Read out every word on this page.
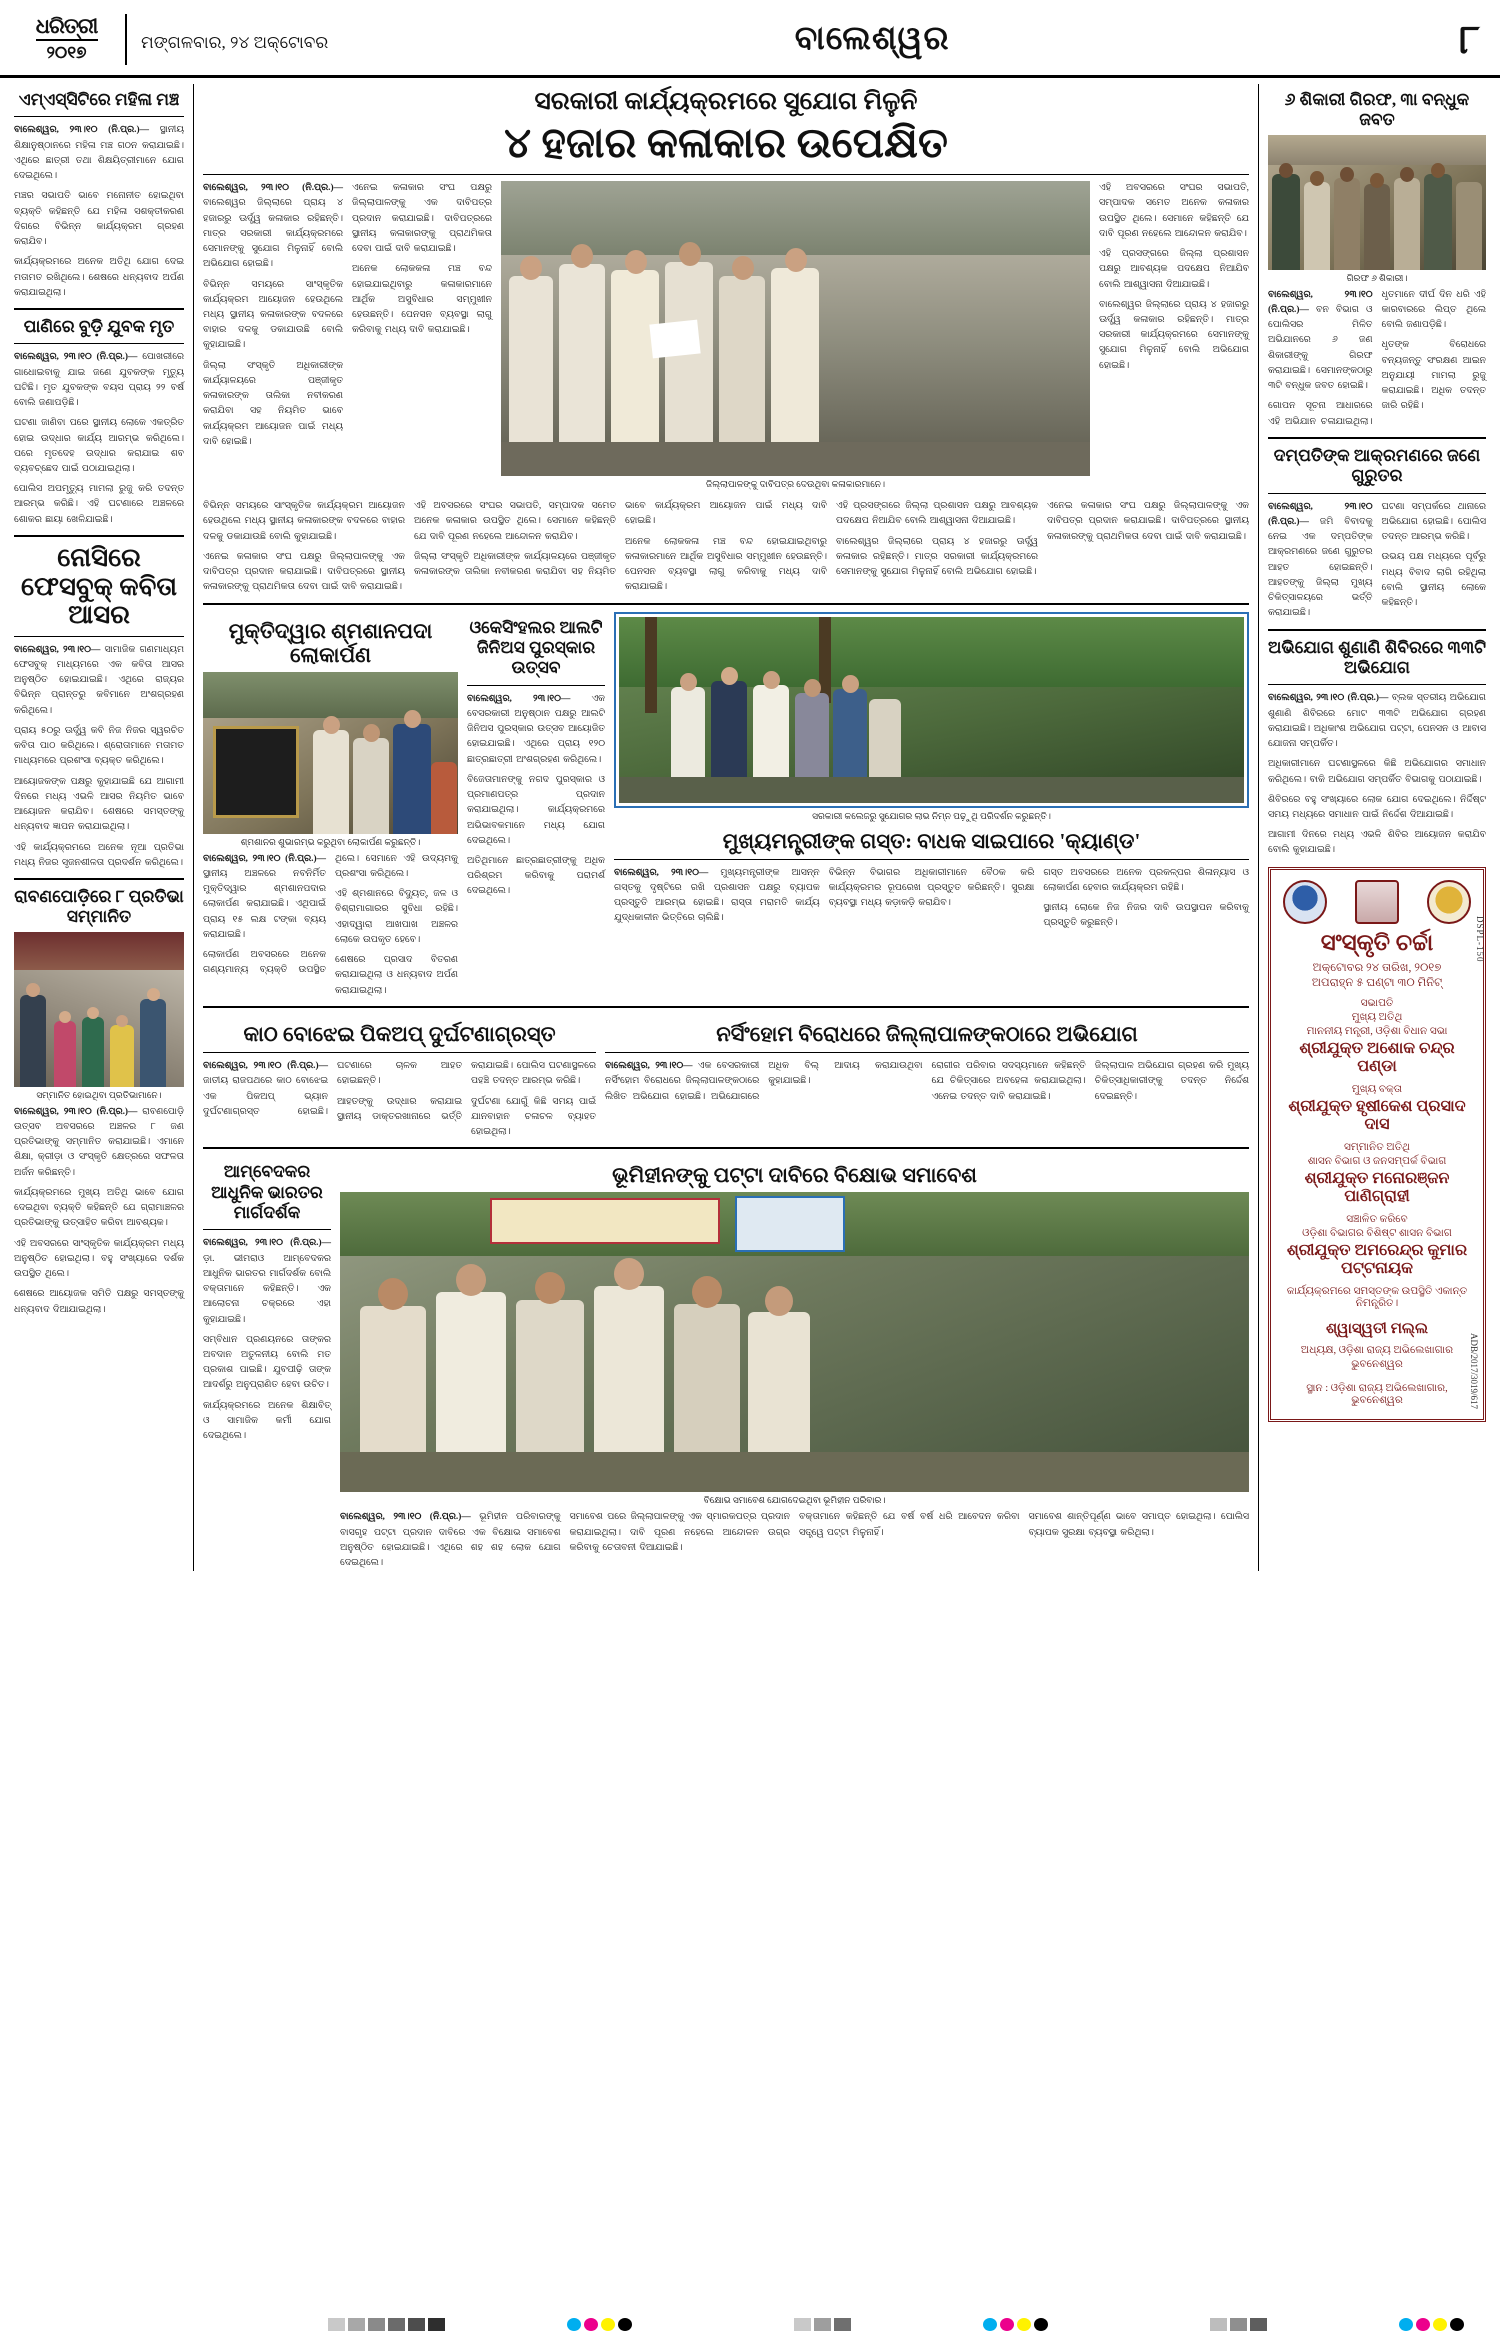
ଧରିତ୍ରୀ
୨୦୧୭
ମଙ୍ଗଳବାର, ୨୪ ଅକ୍ଟୋବର	ବାଲେଶ୍ୱର	୮
ଏମ୍ଏସ୍ସିଟିରେ ମହିଳା ମଞ୍ଚ

ବାଲେଶ୍ୱର, ୨୩।୧୦ (ନି.ପ୍ର.)— ସ୍ଥାନୀୟ ଶିକ୍ଷାନୁଷ୍ଠାନରେ ମହିଳା ମଞ୍ଚ ଗଠନ କରାଯାଇଛି। ଏଥିରେ ଛାତ୍ରୀ ତଥା ଶିକ୍ଷୟିତ୍ରୀମାନେ ଯୋଗ ଦେଇଥିଲେ।

ମଞ୍ଚର ସଭାପତି ଭାବେ ମନୋନୀତ ହୋଇଥିବା ବ୍ୟକ୍ତି କହିଛନ୍ତି ଯେ ମହିଳା ସଶକ୍ତୀକରଣ ଦିଗରେ ବିଭିନ୍ନ କାର୍ଯ୍ୟକ୍ରମ ଗ୍ରହଣ କରାଯିବ।

କାର୍ଯ୍ୟକ୍ରମରେ ଅନେକ ଅତିଥି ଯୋଗ ଦେଇ ମତାମତ ରଖିଥିଲେ। ଶେଷରେ ଧନ୍ୟବାଦ ଅର୍ପଣ କରାଯାଇଥିଲା।

ପାଣିରେ ବୁଡ଼ି ଯୁବକ ମୃତ

ବାଲେଶ୍ୱର, ୨୩।୧୦ (ନି.ପ୍ର.)— ପୋଖରୀରେ ଗାଧୋଇବାକୁ ଯାଇ ଜଣେ ଯୁବକଙ୍କ ମୃତ୍ୟୁ ଘଟିଛି। ମୃତ ଯୁବକଙ୍କ ବୟସ ପ୍ରାୟ ୨୨ ବର୍ଷ ବୋଲି ଜଣାପଡ଼ିଛି।

ଘଟଣା ଜାଣିବା ପରେ ସ୍ଥାନୀୟ ଲୋକେ ଏକତ୍ରିତ ହୋଇ ଉଦ୍ଧାର କାର୍ଯ୍ୟ ଆରମ୍ଭ କରିଥିଲେ। ପରେ ମୃତଦେହ ଉଦ୍ଧାର କରାଯାଇ ଶବ ବ୍ୟବଚ୍ଛେଦ ପାଇଁ ପଠାଯାଇଥିଲା।

ପୋଲିସ ଅପମୃତ୍ୟୁ ମାମଲା ରୁଜୁ କରି ତଦନ୍ତ ଆରମ୍ଭ କରିଛି। ଏହି ଘଟଣାରେ ଅଞ୍ଚଳରେ ଶୋକର ଛାୟା ଖେଳିଯାଇଛି।

ନୋସିରେ ଫେସବୁକ୍ କବିତା ଆସର

ବାଲେଶ୍ୱର, ୨୩।୧୦— ସାମାଜିକ ଗଣମାଧ୍ୟମ ଫେସବୁକ୍ ମାଧ୍ୟମରେ ଏକ କବିତା ଆସର ଅନୁଷ୍ଠିତ ହୋଇଯାଇଛି। ଏଥିରେ ରାଜ୍ୟର ବିଭିନ୍ନ ପ୍ରାନ୍ତରୁ କବିମାନେ ଅଂଶଗ୍ରହଣ କରିଥିଲେ।

ପ୍ରାୟ ୫୦ରୁ ଊର୍ଦ୍ଧ୍ୱ କବି ନିଜ ନିଜର ସ୍ୱରଚିତ କବିତା ପାଠ କରିଥିଲେ। ଶ୍ରୋତାମାନେ ମତାମତ ମାଧ୍ୟମରେ ପ୍ରଶଂସା ବ୍ୟକ୍ତ କରିଥିଲେ।

ଆୟୋଜକଙ୍କ ପକ୍ଷରୁ କୁହାଯାଇଛି ଯେ ଆଗାମୀ ଦିନରେ ମଧ୍ୟ ଏଭଳି ଆସର ନିୟମିତ ଭାବେ ଆୟୋଜନ କରାଯିବ। ଶେଷରେ ସମସ୍ତଙ୍କୁ ଧନ୍ୟବାଦ ଜ୍ଞାପନ କରାଯାଇଥିଲା।

ଏହି କାର୍ଯ୍ୟକ୍ରମରେ ଅନେକ ନୂଆ ପ୍ରତିଭା ମଧ୍ୟ ନିଜର ସୃଜନଶୀଳତା ପ୍ରଦର୍ଶନ କରିଥିଲେ।

ରାବଣପୋଡ଼ିରେ ୮ ପ୍ରତିଭା ସମ୍ମାନିତ
ସମ୍ମାନିତ ହୋଇଥିବା ପ୍ରତିଭାମାନେ।

ବାଲେଶ୍ୱର, ୨୩।୧୦ (ନି.ପ୍ର.)— ରାବଣପୋଡ଼ି ଉତ୍ସବ ଅବସରରେ ଅଞ୍ଚଳର ୮ ଜଣ ପ୍ରତିଭାଙ୍କୁ ସମ୍ମାନିତ କରାଯାଇଛି। ଏମାନେ ଶିକ୍ଷା, କ୍ରୀଡ଼ା ଓ ସଂସ୍କୃତି କ୍ଷେତ୍ରରେ ସଫଳତା ଅର୍ଜନ କରିଛନ୍ତି।

କାର୍ଯ୍ୟକ୍ରମରେ ମୁଖ୍ୟ ଅତିଥି ଭାବେ ଯୋଗ ଦେଇଥିବା ବ୍ୟକ୍ତି କହିଛନ୍ତି ଯେ ଗ୍ରାମାଞ୍ଚଳର ପ୍ରତିଭାଙ୍କୁ ଉତ୍ସାହିତ କରିବା ଆବଶ୍ୟକ।

ଏହି ଅବସରରେ ସାଂସ୍କୃତିକ କାର୍ଯ୍ୟକ୍ରମ ମଧ୍ୟ ଅନୁଷ୍ଠିତ ହୋଇଥିଲା। ବହୁ ସଂଖ୍ୟାରେ ଦର୍ଶକ ଉପସ୍ଥିତ ଥିଲେ।

ଶେଷରେ ଆୟୋଜକ ସମିତି ପକ୍ଷରୁ ସମସ୍ତଙ୍କୁ ଧନ୍ୟବାଦ ଦିଆଯାଇଥିଲା।

ସରକାରୀ କାର୍ଯ୍ୟକ୍ରମରେ ସୁଯୋଗ ମିଳୁନି
୪ ହଜାର କଳାକାର ଉପେକ୍ଷିତ

ବାଲେଶ୍ୱର, ୨୩।୧୦ (ନି.ପ୍ର.)— ବାଲେଶ୍ୱର ଜିଲ୍ଲାରେ ପ୍ରାୟ ୪ ହଜାରରୁ ଊର୍ଦ୍ଧ୍ୱ କଳାକାର ରହିଛନ୍ତି। ମାତ୍ର ସରକାରୀ କାର୍ଯ୍ୟକ୍ରମରେ ସେମାନଙ୍କୁ ସୁଯୋଗ ମିଳୁନାହିଁ ବୋଲି ଅଭିଯୋଗ ହୋଇଛି।

ବିଭିନ୍ନ ସମୟରେ ସାଂସ୍କୃତିକ କାର୍ଯ୍ୟକ୍ରମ ଆୟୋଜନ ହେଉଥିଲେ ମଧ୍ୟ ସ୍ଥାନୀୟ କଳାକାରଙ୍କ ବଦଳରେ ବାହାର ଦଳକୁ ଡକାଯାଉଛି ବୋଲି କୁହାଯାଇଛି।

ଜିଲ୍ଲା ସଂସ୍କୃତି ଅଧିକାରୀଙ୍କ କାର୍ଯ୍ୟାଳୟରେ ପଞ୍ଜୀକୃତ କଳାକାରଙ୍କ ତାଲିକା ନବୀକରଣ କରାଯିବା ସହ ନିୟମିତ ଭାବେ କାର୍ଯ୍ୟକ୍ରମ ଆୟୋଜନ ପାଇଁ ମଧ୍ୟ ଦାବି ହୋଇଛି।

ଏନେଇ କଳାକାର ସଂଘ ପକ୍ଷରୁ ଜିଲ୍ଲାପାଳଙ୍କୁ ଏକ ଦାବିପତ୍ର ପ୍ରଦାନ କରାଯାଇଛି। ଦାବିପତ୍ରରେ ସ୍ଥାନୀୟ କଳାକାରଙ୍କୁ ପ୍ରାଥମିକତା ଦେବା ପାଇଁ ଦାବି କରାଯାଇଛି।

ଅନେକ ଲୋକକଳା ମଞ୍ଚ ବନ୍ଦ ହୋଇଯାଇଥିବାରୁ କଳାକାରମାନେ ଆର୍ଥିକ ଅସୁବିଧାର ସମ୍ମୁଖୀନ ହେଉଛନ୍ତି। ପେନସନ ବ୍ୟବସ୍ଥା ଲାଗୁ କରିବାକୁ ମଧ୍ୟ ଦାବି କରାଯାଇଛି।

ଜିଲ୍ଲାପାଳଙ୍କୁ ଦାବିପତ୍ର ଦେଉଥିବା କଳାକାରମାନେ।

ଏହି ଅବସରରେ ସଂଘର ସଭାପତି, ସମ୍ପାଦକ ସମେତ ଅନେକ କଳାକାର ଉପସ୍ଥିତ ଥିଲେ। ସେମାନେ କହିଛନ୍ତି ଯେ ଦାବି ପୂରଣ ନହେଲେ ଆନ୍ଦୋଳନ କରାଯିବ।

ଏହି ପ୍ରସଙ୍ଗରେ ଜିଲ୍ଲା ପ୍ରଶାସନ ପକ୍ଷରୁ ଆବଶ୍ୟକ ପଦକ୍ଷେପ ନିଆଯିବ ବୋଲି ଆଶ୍ୱାସନା ଦିଆଯାଇଛି।

ବାଲେଶ୍ୱର ଜିଲ୍ଲାରେ ପ୍ରାୟ ୪ ହଜାରରୁ ଊର୍ଦ୍ଧ୍ୱ କଳାକାର ରହିଛନ୍ତି। ମାତ୍ର ସରକାରୀ କାର୍ଯ୍ୟକ୍ରମରେ ସେମାନଙ୍କୁ ସୁଯୋଗ ମିଳୁନାହିଁ ବୋଲି ଅଭିଯୋଗ ହୋଇଛି।

ବିଭିନ୍ନ ସମୟରେ ସାଂସ୍କୃତିକ କାର୍ଯ୍ୟକ୍ରମ ଆୟୋଜନ ହେଉଥିଲେ ମଧ୍ୟ ସ୍ଥାନୀୟ କଳାକାରଙ୍କ ବଦଳରେ ବାହାର ଦଳକୁ ଡକାଯାଉଛି ବୋଲି କୁହାଯାଇଛି।

ଏନେଇ କଳାକାର ସଂଘ ପକ୍ଷରୁ ଜିଲ୍ଲାପାଳଙ୍କୁ ଏକ ଦାବିପତ୍ର ପ୍ରଦାନ କରାଯାଇଛି। ଦାବିପତ୍ରରେ ସ୍ଥାନୀୟ କଳାକାରଙ୍କୁ ପ୍ରାଥମିକତା ଦେବା ପାଇଁ ଦାବି କରାଯାଇଛି।

ଏହି ଅବସରରେ ସଂଘର ସଭାପତି, ସମ୍ପାଦକ ସମେତ ଅନେକ କଳାକାର ଉପସ୍ଥିତ ଥିଲେ। ସେମାନେ କହିଛନ୍ତି ଯେ ଦାବି ପୂରଣ ନହେଲେ ଆନ୍ଦୋଳନ କରାଯିବ।

ଜିଲ୍ଲା ସଂସ୍କୃତି ଅଧିକାରୀଙ୍କ କାର୍ଯ୍ୟାଳୟରେ ପଞ୍ଜୀକୃତ କଳାକାରଙ୍କ ତାଲିକା ନବୀକରଣ କରାଯିବା ସହ ନିୟମିତ ଭାବେ କାର୍ଯ୍ୟକ୍ରମ ଆୟୋଜନ ପାଇଁ ମଧ୍ୟ ଦାବି ହୋଇଛି।

ଅନେକ ଲୋକକଳା ମଞ୍ଚ ବନ୍ଦ ହୋଇଯାଇଥିବାରୁ କଳାକାରମାନେ ଆର୍ଥିକ ଅସୁବିଧାର ସମ୍ମୁଖୀନ ହେଉଛନ୍ତି। ପେନସନ ବ୍ୟବସ୍ଥା ଲାଗୁ କରିବାକୁ ମଧ୍ୟ ଦାବି କରାଯାଇଛି।

ଏହି ପ୍ରସଙ୍ଗରେ ଜିଲ୍ଲା ପ୍ରଶାସନ ପକ୍ଷରୁ ଆବଶ୍ୟକ ପଦକ୍ଷେପ ନିଆଯିବ ବୋଲି ଆଶ୍ୱାସନା ଦିଆଯାଇଛି।

ବାଲେଶ୍ୱର ଜିଲ୍ଲାରେ ପ୍ରାୟ ୪ ହଜାରରୁ ଊର୍ଦ୍ଧ୍ୱ କଳାକାର ରହିଛନ୍ତି। ମାତ୍ର ସରକାରୀ କାର୍ଯ୍ୟକ୍ରମରେ ସେମାନଙ୍କୁ ସୁଯୋଗ ମିଳୁନାହିଁ ବୋଲି ଅଭିଯୋଗ ହୋଇଛି।

ଏନେଇ କଳାକାର ସଂଘ ପକ୍ଷରୁ ଜିଲ୍ଲାପାଳଙ୍କୁ ଏକ ଦାବିପତ୍ର ପ୍ରଦାନ କରାଯାଇଛି। ଦାବିପତ୍ରରେ ସ୍ଥାନୀୟ କଳାକାରଙ୍କୁ ପ୍ରାଥମିକତା ଦେବା ପାଇଁ ଦାବି କରାଯାଇଛି।

ମୁକ୍ତିଦ୍ୱାର ଶ୍ମଶାନପଦା ଲୋକାର୍ପଣ
ଶ୍ମଶାନର ଶୁଭାରମ୍ଭ କରୁଥିବା ଲୋକାର୍ପଣ କରୁଛନ୍ତି।

ବାଲେଶ୍ୱର, ୨୩।୧୦ (ନି.ପ୍ର.)— ସ୍ଥାନୀୟ ଅଞ୍ଚଳରେ ନବନିର୍ମିତ ମୁକ୍ତିଦ୍ୱାର ଶ୍ମଶାନପଦାର ଲୋକାର୍ପଣ କରାଯାଇଛି। ଏଥିପାଇଁ ପ୍ରାୟ ୧୫ ଲକ୍ଷ ଟଙ୍କା ବ୍ୟୟ କରାଯାଇଛି।

ଲୋକାର୍ପଣ ଅବସରରେ ଅନେକ ଗଣ୍ୟମାନ୍ୟ ବ୍ୟକ୍ତି ଉପସ୍ଥିତ ଥିଲେ। ସେମାନେ ଏହି ଉଦ୍ୟମକୁ ପ୍ରଶଂସା କରିଥିଲେ।

ଏହି ଶ୍ମଶାନରେ ବିଦ୍ୟୁତ୍, ଜଳ ଓ ବିଶ୍ରାମାଗାରର ସୁବିଧା ରହିଛି। ଏହାଦ୍ୱାରା ଆଖପାଖ ଅଞ୍ଚଳର ଲୋକେ ଉପକୃତ ହେବେ।

ଶେଷରେ ପ୍ରସାଦ ବିତରଣ କରାଯାଇଥିଲା ଓ ଧନ୍ୟବାଦ ଅର୍ପଣ କରାଯାଇଥିଲା।

ଓକେସିଂହଲର ଆଲଟି ଜିନିଅସ ପୁରସ୍କାର ଉତ୍ସବ

ବାଲେଶ୍ୱର, ୨୩।୧୦— ଏକ ବେସରକାରୀ ଅନୁଷ୍ଠାନ ପକ୍ଷରୁ ଆଲଟି ଜିନିଅସ ପୁରସ୍କାର ଉତ୍ସବ ଆୟୋଜିତ ହୋଇଯାଇଛି। ଏଥିରେ ପ୍ରାୟ ୧୨୦ ଛାତ୍ରଛାତ୍ରୀ ଅଂଶଗ୍ରହଣ କରିଥିଲେ।

ବିଜେତାମାନଙ୍କୁ ନଗଦ ପୁରସ୍କାର ଓ ପ୍ରମାଣପତ୍ର ପ୍ରଦାନ କରାଯାଇଥିଲା। କାର୍ଯ୍ୟକ୍ରମରେ ଅଭିଭାବକମାନେ ମଧ୍ୟ ଯୋଗ ଦେଇଥିଲେ।

ଅତିଥିମାନେ ଛାତ୍ରଛାତ୍ରୀଙ୍କୁ ଅଧିକ ପରିଶ୍ରମ କରିବାକୁ ପରାମର୍ଶ ଦେଇଥିଲେ।

ସରକାରୀ କଲେଜରୁ ସୁଯୋଗର ଲାଭ ନିମ୍ନ ପଢ଼ୁଥି ପରିଦର୍ଶନ କରୁଛନ୍ତି।
ମୁଖ୍ୟମନ୍ତ୍ରୀଙ୍କ ଗସ୍ତ: ବାଧକ ସାଇପାରେ 'କ୍ୟାଣ୍ଡ'

ବାଲେଶ୍ୱର, ୨୩।୧୦— ମୁଖ୍ୟମନ୍ତ୍ରୀଙ୍କ ଆସନ୍ନ ଗସ୍ତକୁ ଦୃଷ୍ଟିରେ ରଖି ପ୍ରଶାସନ ପକ୍ଷରୁ ବ୍ୟାପକ ପ୍ରସ୍ତୁତି ଆରମ୍ଭ ହୋଇଛି। ରାସ୍ତା ମରାମତି କାର୍ଯ୍ୟ ଯୁଦ୍ଧକାଳୀନ ଭିତ୍ତିରେ ଚାଲିଛି।

ବିଭିନ୍ନ ବିଭାଗର ଅଧିକାରୀମାନେ ବୈଠକ କରି କାର୍ଯ୍ୟକ୍ରମର ରୂପରେଖ ପ୍ରସ୍ତୁତ କରିଛନ୍ତି। ସୁରକ୍ଷା ବ୍ୟବସ୍ଥା ମଧ୍ୟ କଡ଼ାକଡ଼ି କରାଯିବ।

ଗସ୍ତ ଅବସରରେ ଅନେକ ପ୍ରକଳ୍ପର ଶିଳାନ୍ୟାସ ଓ ଲୋକାର୍ପଣ ହେବାର କାର୍ଯ୍ୟକ୍ରମ ରହିଛି।

ସ୍ଥାନୀୟ ଲୋକେ ନିଜ ନିଜର ଦାବି ଉପସ୍ଥାପନ କରିବାକୁ ପ୍ରସ୍ତୁତି କରୁଛନ୍ତି।

କାଠ ବୋଝେଇ ପିକଅପ୍ ଦୁର୍ଘଟଣାଗ୍ରସ୍ତ

ବାଲେଶ୍ୱର, ୨୩।୧୦ (ନି.ପ୍ର.)— ଜାତୀୟ ରାଜପଥରେ କାଠ ବୋଝେଇ ଏକ ପିକଅପ୍ ଭ୍ୟାନ ଦୁର୍ଘଟଣାଗ୍ରସ୍ତ ହୋଇଛି। ଘଟଣାରେ ଚାଳକ ଆହତ ହୋଇଛନ୍ତି।

ଆହତଙ୍କୁ ଉଦ୍ଧାର କରାଯାଇ ସ୍ଥାନୀୟ ଡାକ୍ତରଖାନାରେ ଭର୍ତ୍ତି କରାଯାଇଛି। ପୋଲିସ ଘଟଣାସ୍ଥଳରେ ପହଞ୍ଚି ତଦନ୍ତ ଆରମ୍ଭ କରିଛି।

ଦୁର୍ଘଟଣା ଯୋଗୁଁ କିଛି ସମୟ ପାଇଁ ଯାନବାହାନ ଚଳାଚଳ ବ୍ୟାହତ ହୋଇଥିଲା।

ନର୍ସିଂହୋମ ବିରୋଧରେ ଜିଲ୍ଲାପାଳଙ୍କଠାରେ ଅଭିଯୋଗ

ବାଲେଶ୍ୱର, ୨୩।୧୦— ଏକ ବେସରକାରୀ ନର୍ସିଂହୋମ ବିରୋଧରେ ଜିଲ୍ଲାପାଳଙ୍କଠାରେ ଲିଖିତ ଅଭିଯୋଗ ହୋଇଛି। ଅଭିଯୋଗରେ ଅଧିକ ବିଲ୍ ଆଦାୟ କରାଯାଉଥିବା କୁହାଯାଇଛି।

ରୋଗୀର ପରିବାର ସଦସ୍ୟମାନେ କହିଛନ୍ତି ଯେ ଚିକିତ୍ସାରେ ଅବହେଳା କରାଯାଇଥିଲା। ଏନେଇ ତଦନ୍ତ ଦାବି କରାଯାଇଛି।

ଜିଲ୍ଲାପାଳ ଅଭିଯୋଗ ଗ୍ରହଣ କରି ମୁଖ୍ୟ ଚିକିତ୍ସାଧିକାରୀଙ୍କୁ ତଦନ୍ତ ନିର୍ଦ୍ଦେଶ ଦେଇଛନ୍ତି।

ଆମ୍ବେଦକର ଆଧୁନିକ ଭାରତର ମାର୍ଗଦର୍ଶକ

ବାଲେଶ୍ୱର, ୨୩।୧୦ (ନି.ପ୍ର.)— ଡ଼ା. ଭୀମରାଓ ଆମ୍ବେଦକର ଆଧୁନିକ ଭାରତର ମାର୍ଗଦର୍ଶକ ବୋଲି ବକ୍ତାମାନେ କହିଛନ୍ତି। ଏକ ଆଲୋଚନା ଚକ୍ରରେ ଏହା କୁହାଯାଇଛି।

ସମ୍ବିଧାନ ପ୍ରଣୟନରେ ତାଙ୍କର ଅବଦାନ ଅତୁଳନୀୟ ବୋଲି ମତ ପ୍ରକାଶ ପାଇଛି। ଯୁବପୀଢ଼ି ତାଙ୍କ ଆଦର୍ଶରୁ ଅନୁପ୍ରାଣିତ ହେବା ଉଚିତ।

କାର୍ଯ୍ୟକ୍ରମରେ ଅନେକ ଶିକ୍ଷାବିତ୍ ଓ ସାମାଜିକ କର୍ମୀ ଯୋଗ ଦେଇଥିଲେ।

ଭୂମିହୀନଙ୍କୁ ପଟ୍ଟା ଦାବିରେ ବିକ୍ଷୋଭ ସମାବେଶ
ବିକ୍ଷୋଭ ସମାବେଶ ଯୋଗଦେଇଥିବା ଭୂମିହୀନ ପରିବାର।

ବାଲେଶ୍ୱର, ୨୩।୧୦ (ନି.ପ୍ର.)— ଭୂମିହୀନ ପରିବାରଙ୍କୁ ବାସଗୃହ ପଟ୍ଟା ପ୍ରଦାନ ଦାବିରେ ଏକ ବିକ୍ଷୋଭ ସମାବେଶ ଅନୁଷ୍ଠିତ ହୋଇଯାଇଛି। ଏଥିରେ ଶହ ଶହ ଲୋକ ଯୋଗ ଦେଇଥିଲେ।

ସମାବେଶ ପରେ ଜିଲ୍ଲାପାଳଙ୍କୁ ଏକ ସ୍ମାରକପତ୍ର ପ୍ରଦାନ କରାଯାଇଥିଲା। ଦାବି ପୂରଣ ନହେଲେ ଆନ୍ଦୋଳନ ଉଗ୍ର କରିବାକୁ ଚେତାବନୀ ଦିଆଯାଇଛି।

ବକ୍ତାମାନେ କହିଛନ୍ତି ଯେ ବର୍ଷ ବର୍ଷ ଧରି ଆବେଦନ କରିବା ସତ୍ତ୍ୱେ ପଟ୍ଟା ମିଳୁନାହିଁ।

ସମାବେଶ ଶାନ୍ତିପୂର୍ଣ୍ଣ ଭାବେ ସମାପ୍ତ ହୋଇଥିଲା। ପୋଲିସ ବ୍ୟାପକ ସୁରକ୍ଷା ବ୍ୟବସ୍ଥା କରିଥିଲା।

୬ ଶିକାରୀ ଗିରଫ, ୩ା ବନ୍ଧୁକ ଜବତ
ଗିରଫ ୬ ଶିକାରୀ।

ବାଲେଶ୍ୱର, ୨୩।୧୦ (ନି.ପ୍ର.)— ବନ ବିଭାଗ ଓ ପୋଲିସର ମିଳିତ ଅଭିଯାନରେ ୬ ଜଣ ଶିକାରୀଙ୍କୁ ଗିରଫ କରାଯାଇଛି। ସେମାନଙ୍କଠାରୁ ୩ଟି ବନ୍ଧୁକ ଜବତ ହୋଇଛି।

ଗୋପନ ସୂଚନା ଆଧାରରେ ଏହି ଅଭିଯାନ ଚଳାଯାଇଥିଲା। ଧୃତମାନେ ଦୀର୍ଘ ଦିନ ଧରି ଏହି କାରବାରରେ ଲିପ୍ତ ଥିଲେ ବୋଲି ଜଣାପଡ଼ିଛି।

ଧୃତଙ୍କ ବିରୋଧରେ ବନ୍ୟଜନ୍ତୁ ସଂରକ୍ଷଣ ଆଇନ ଅନୁଯାୟୀ ମାମଲା ରୁଜୁ କରାଯାଇଛି। ଅଧିକ ତଦନ୍ତ ଜାରି ରହିଛି।

ଦମ୍ପତିଙ୍କ ଆକ୍ରମଣରେ ଜଣେ ଗୁରୁତର

ବାଲେଶ୍ୱର, ୨୩।୧୦ (ନି.ପ୍ର.)— ଜମି ବିବାଦକୁ ନେଇ ଏକ ଦମ୍ପତିଙ୍କ ଆକ୍ରମଣରେ ଜଣେ ଗୁରୁତର ଆହତ ହୋଇଛନ୍ତି। ଆହତଙ୍କୁ ଜିଲ୍ଲା ମୁଖ୍ୟ ଚିକିତ୍ସାଳୟରେ ଭର୍ତ୍ତି କରାଯାଇଛି।

ଘଟଣା ସମ୍ପର୍କରେ ଥାନାରେ ଅଭିଯୋଗ ହୋଇଛି। ପୋଲିସ ତଦନ୍ତ ଆରମ୍ଭ କରିଛି।

ଉଭୟ ପକ୍ଷ ମଧ୍ୟରେ ପୂର୍ବରୁ ମଧ୍ୟ ବିବାଦ ଲାଗି ରହିଥିଲା ବୋଲି ସ୍ଥାନୀୟ ଲୋକେ କହିଛନ୍ତି।

ଅଭିଯୋଗ ଶୁଣାଣି ଶିବିରରେ ୩୩ଟି ଅଭିଯୋଗ

ବାଲେଶ୍ୱର, ୨୩।୧୦ (ନି.ପ୍ର.)— ବ୍ଲକ ସ୍ତରୀୟ ଅଭିଯୋଗ ଶୁଣାଣି ଶିବିରରେ ମୋଟ ୩୩ଟି ଅଭିଯୋଗ ଗ୍ରହଣ କରାଯାଇଛି। ଅଧିକାଂଶ ଅଭିଯୋଗ ପଟ୍ଟା, ପେନସନ ଓ ଆବାସ ଯୋଜନା ସମ୍ପର୍କିତ।

ଅଧିକାରୀମାନେ ଘଟଣାସ୍ଥଳରେ କିଛି ଅଭିଯୋଗର ସମାଧାନ କରିଥିଲେ। ବାକି ଅଭିଯୋଗ ସମ୍ପର୍କିତ ବିଭାଗକୁ ପଠାଯାଇଛି।

ଶିବିରରେ ବହୁ ସଂଖ୍ୟାରେ ଲୋକ ଯୋଗ ଦେଇଥିଲେ। ନିର୍ଦ୍ଦିଷ୍ଟ ସମୟ ମଧ୍ୟରେ ସମାଧାନ ପାଇଁ ନିର୍ଦ୍ଦେଶ ଦିଆଯାଇଛି।

ଆଗାମୀ ଦିନରେ ମଧ୍ୟ ଏଭଳି ଶିବିର ଆୟୋଜନ କରାଯିବ ବୋଲି କୁହାଯାଇଛି।

DSPL-150
ସଂସ୍କୃତି ଚର୍ଚ୍ଚା
ଅକ୍ଟୋବର ୨୪ ତାରିଖ, ୨୦୧୭
ଅପରାହ୍ନ ୫ ଘଣ୍ଟା ୩୦ ମିନିଟ୍
ସଭାପତି
ମୁଖ୍ୟ ଅତିଥି
ମାନନୀୟ ମନ୍ତ୍ରୀ, ଓଡ଼ିଶା ବିଧାନ ସଭା
ଶ୍ରୀଯୁକ୍ତ ଅଶୋକ ଚନ୍ଦ୍ର ପଣ୍ଡା
ମୁଖ୍ୟ ବକ୍ତା
ଶ୍ରୀଯୁକ୍ତ ହୃଷୀକେଶ ପ୍ରସାଦ ଦାସ
ସମ୍ମାନିତ ଅତିଥି
ଶାସନ ବିଭାଗ ଓ ଜନସମ୍ପର୍କ ବିଭାଗ
ଶ୍ରୀଯୁକ୍ତ ମନୋରଞ୍ଜନ ପାଣିଗ୍ରାହୀ
ସଞ୍ଚାଳିତ କରିବେ
ଓଡ଼ିଶା ବିଭାଗର ବିଶିଷ୍ଟ ଶାସନ ବିଭାଗ
ଶ୍ରୀଯୁକ୍ତ ଅମରେନ୍ଦ୍ର କୁମାର ପଟ୍ଟନାୟକ
କାର୍ଯ୍ୟକ୍ରମରେ ସମସ୍ତଙ୍କ ଉପସ୍ଥିତି ଏକାନ୍ତ ନିମନ୍ତ୍ରିତ।
ଶ୍ୱାସ୍ୱତୀ ମଲ୍ଲ
ଅଧ୍ୟକ୍ଷ, ଓଡ଼ିଶା ରାଜ୍ୟ ଅଭିଲେଖାଗାର
ଭୁବନେଶ୍ୱର
ସ୍ଥାନ : ଓଡ଼ିଶା ରାଜ୍ୟ ଅଭିଲେଖାଗାର, ଭୁବନେଶ୍ୱର	ADB/2017/3019/617
